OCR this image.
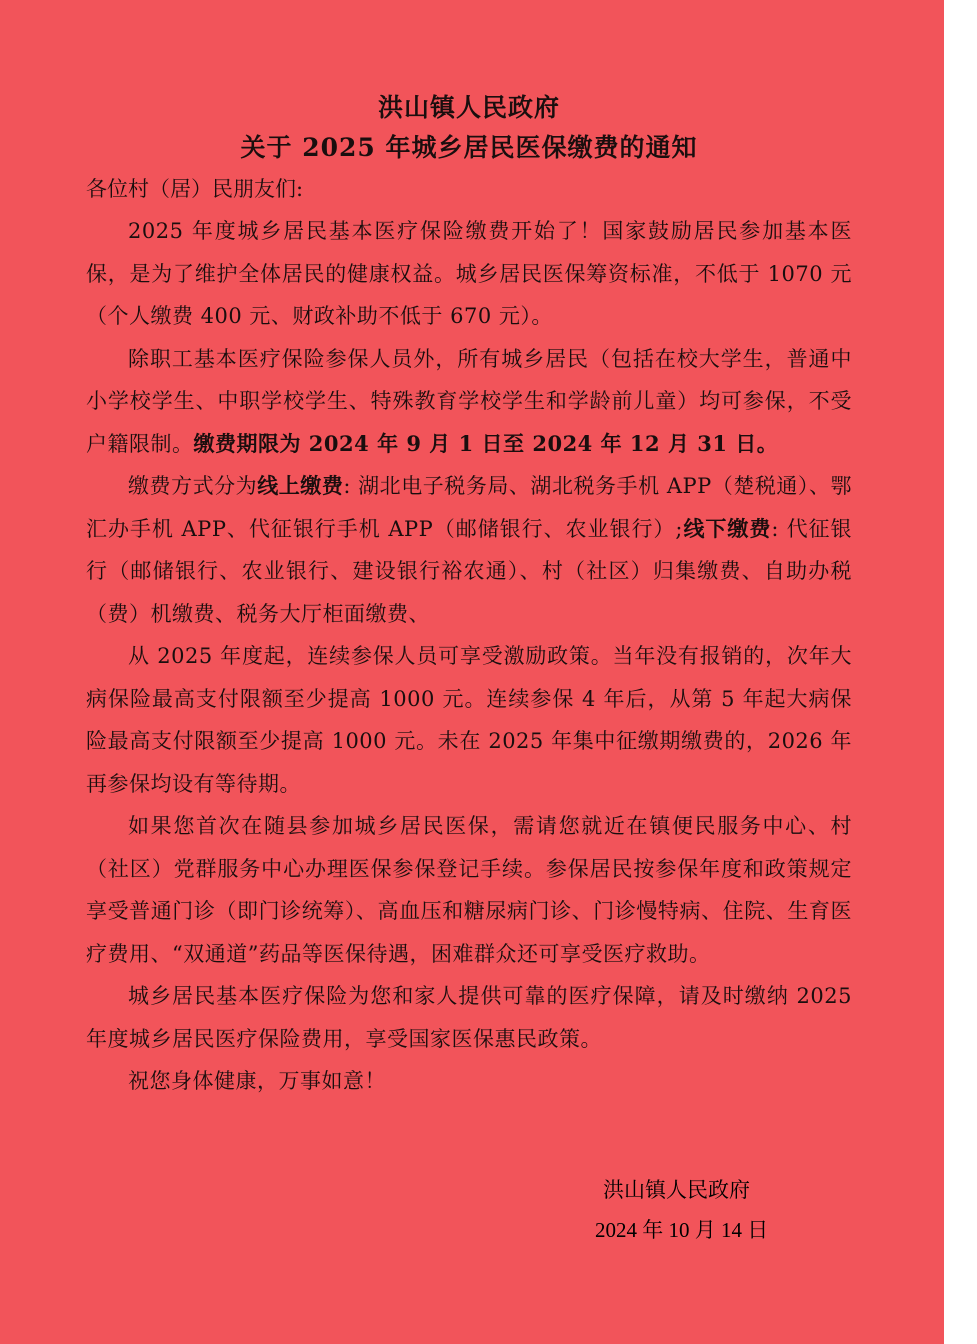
洪山镇人民政府
关于 2025 年城乡居民医保缴费的通知

各位村（居）民朋友们:

2025 年度城乡居民基本医疗保险缴费开始了！国家鼓励居民参加基本医保，是为了维护全体居民的健康权益。城乡居民医保筹资标准，不低于 1070 元（个人缴费 400 元、财政补助不低于 670 元）。

除职工基本医疗保险参保人员外，所有城乡居民（包括在校大学生，普通中小学校学生、中职学校学生、特殊教育学校学生和学龄前儿童）均可参保，不受户籍限制。缴费期限为 2024 年 9 月 1 日至 2024 年 12 月 31 日。

缴费方式分为线上缴费: 湖北电子税务局、湖北税务手机 APP（楚税通）、鄂汇办手机 APP、代征银行手机 APP（邮储银行、农业银行）;线下缴费: 代征银行（邮储银行、农业银行、建设银行裕农通）、村（社区）归集缴费、自助办税（费）机缴费、税务大厅柜面缴费、

从 2025 年度起，连续参保人员可享受激励政策。当年没有报销的，次年大病保险最高支付限额至少提高 1000 元。连续参保 4 年后，从第 5 年起大病保险最高支付限额至少提高 1000 元。未在 2025 年集中征缴期缴费的，2026 年再参保均设有等待期。

如果您首次在随县参加城乡居民医保，需请您就近在镇便民服务中心、村（社区）党群服务中心办理医保参保登记手续。参保居民按参保年度和政策规定享受普通门诊（即门诊统筹）、高血压和糖尿病门诊、门诊慢特病、住院、生育医疗费用、“双通道”药品等医保待遇，困难群众还可享受医疗救助。

城乡居民基本医疗保险为您和家人提供可靠的医疗保障，请及时缴纳 2025 年度城乡居民医疗保险费用，享受国家医保惠民政策。

祝您身体健康，万事如意！

洪山镇人民政府
2024 年 10 月 14 日
